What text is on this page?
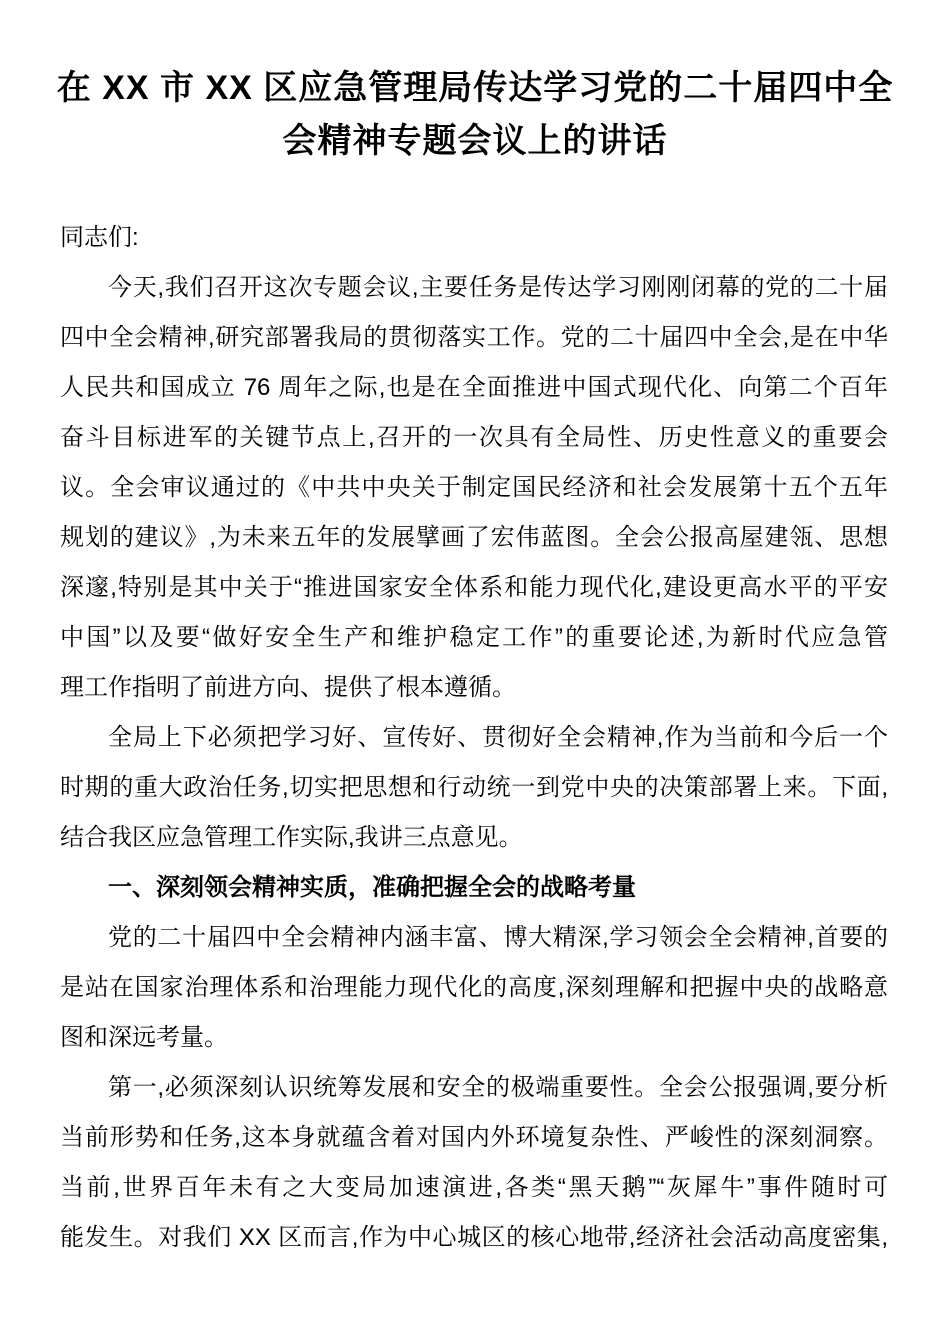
在 XX 市 XX 区应急管理局传达学习党的二十届四中全
会精神专题会议上的讲话
同志们:
今天,我们召开这次专题会议,主要任务是传达学习刚刚闭幕的党的二十届
四中全会精神,研究部署我局的贯彻落实工作。党的二十届四中全会,是在中华
人民共和国成立 76 周年之际,也是在全面推进中国式现代化、向第二个百年
奋斗目标进军的关键节点上,召开的一次具有全局性、历史性意义的重要会
议。全会审议通过的《中共中央关于制定国民经济和社会发展第十五个五年
规划的建议》,为未来五年的发展擘画了宏伟蓝图。全会公报高屋建瓴、思想
深邃,特别是其中关于“推进国家安全体系和能力现代化,建设更高水平的平安
中国”以及要“做好安全生产和维护稳定工作”的重要论述,为新时代应急管
理工作指明了前进方向、提供了根本遵循。
全局上下必须把学习好、宣传好、贯彻好全会精神,作为当前和今后一个
时期的重大政治任务,切实把思想和行动统一到党中央的决策部署上来。下面,
结合我区应急管理工作实际,我讲三点意见。
一、深刻领会精神实质，准确把握全会的战略考量
党的二十届四中全会精神内涵丰富、博大精深,学习领会全会精神,首要的
是站在国家治理体系和治理能力现代化的高度,深刻理解和把握中央的战略意
图和深远考量。
第一,必须深刻认识统筹发展和安全的极端重要性。全会公报强调,要分析
当前形势和任务,这本身就蕴含着对国内外环境复杂性、严峻性的深刻洞察。
当前,世界百年未有之大变局加速演进,各类“黑天鹅”“灰犀牛”事件随时可
能发生。对我们 XX 区而言,作为中心城区的核心地带,经济社会活动高度密集,
